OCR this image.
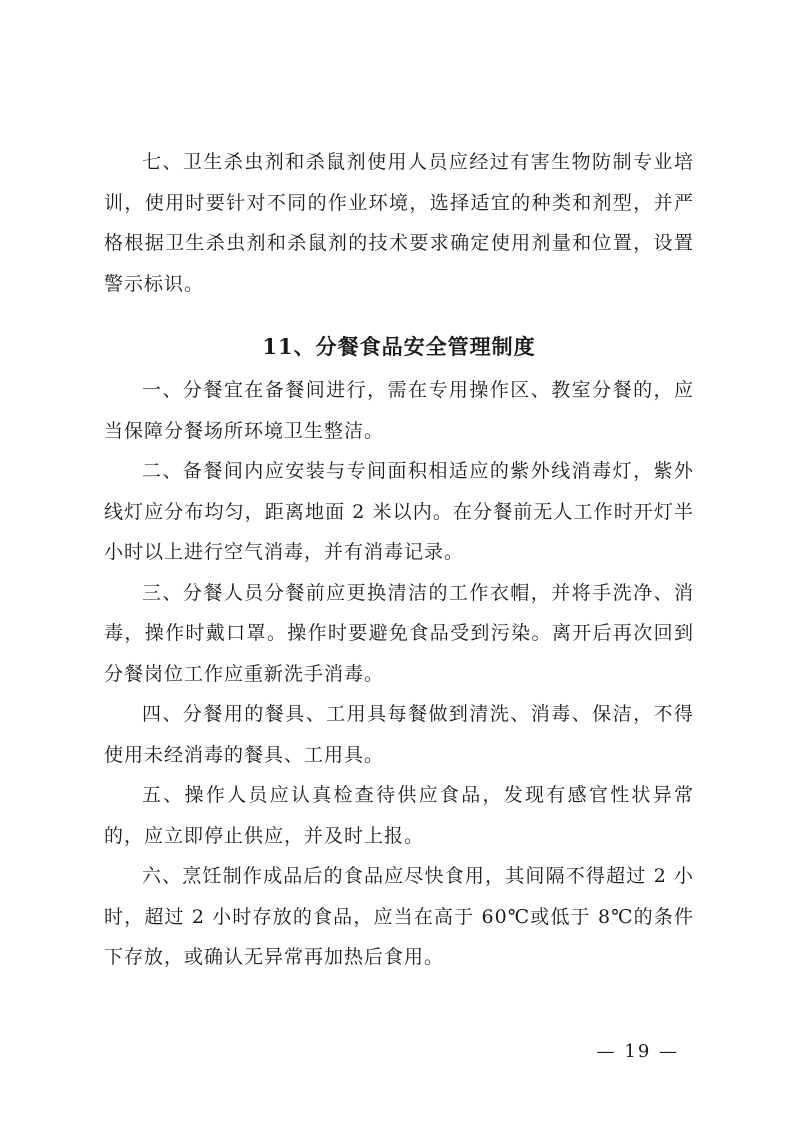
七、卫生杀虫剂和杀鼠剂使用人员应经过有害生物防制专业培训，使用时要针对不同的作业环境，选择适宜的种类和剂型，并严格根据卫生杀虫剂和杀鼠剂的技术要求确定使用剂量和位置，设置警示标识。

11、分餐食品安全管理制度

一、分餐宜在备餐间进行，需在专用操作区、教室分餐的，应当保障分餐场所环境卫生整洁。

二、备餐间内应安装与专间面积相适应的紫外线消毒灯，紫外线灯应分布均匀，距离地面 2 米以内。在分餐前无人工作时开灯半小时以上进行空气消毒，并有消毒记录。

三、分餐人员分餐前应更换清洁的工作衣帽，并将手洗净、消毒，操作时戴口罩。操作时要避免食品受到污染。离开后再次回到分餐岗位工作应重新洗手消毒。

四、分餐用的餐具、工用具每餐做到清洗、消毒、保洁，不得使用未经消毒的餐具、工用具。

五、操作人员应认真检查待供应食品，发现有感官性状异常的，应立即停止供应，并及时上报。

六、烹饪制作成品后的食品应尽快食用，其间隔不得超过 2 小时，超过 2 小时存放的食品，应当在高于 60℃或低于 8℃的条件下存放，或确认无异常再加热后食用。

— 19 —
